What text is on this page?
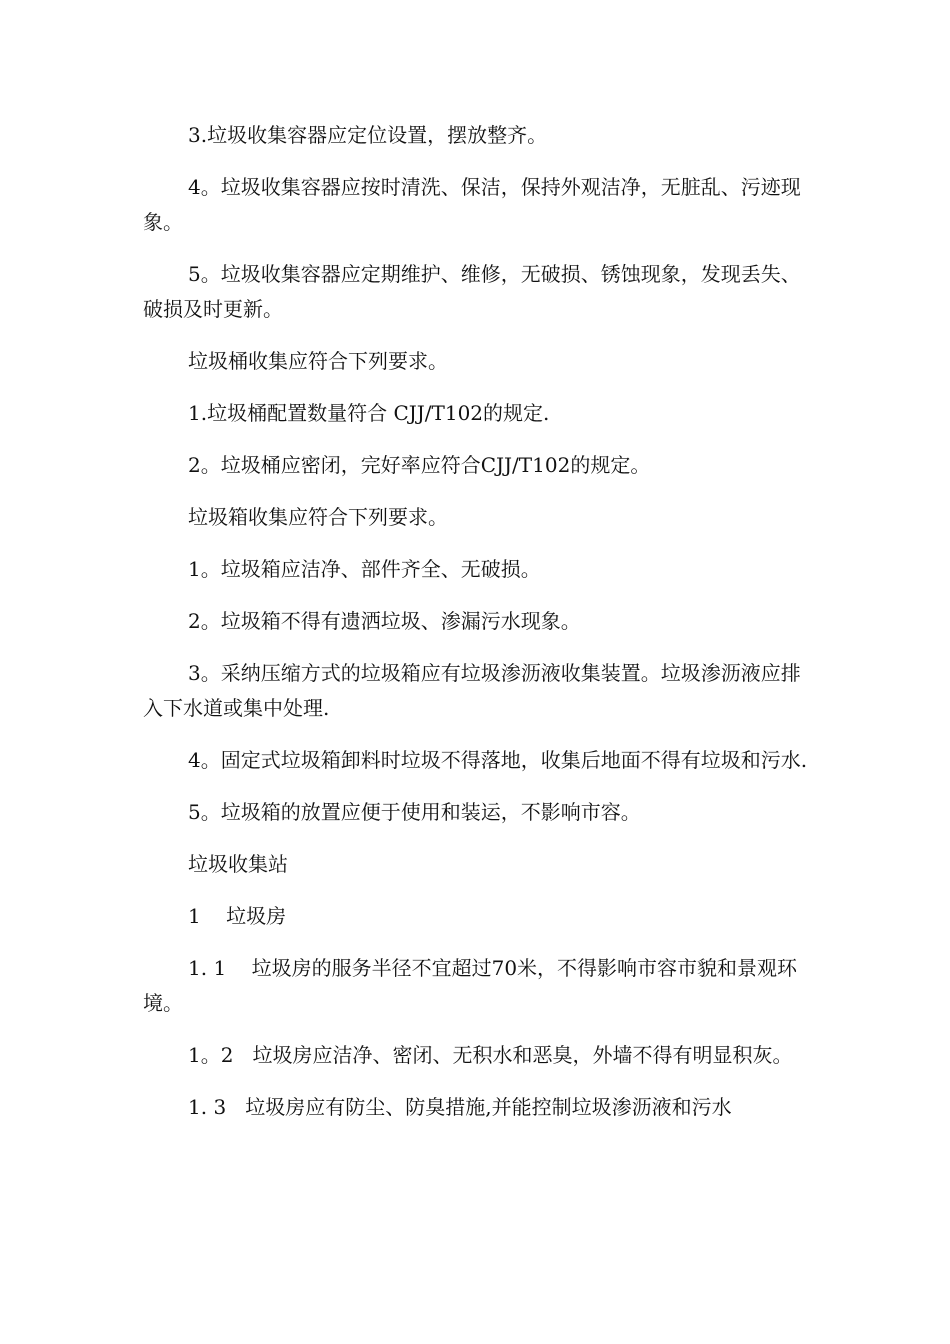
3.垃圾收集容器应定位设置，摆放整齐。

4。垃圾收集容器应按时清洗、保洁，保持外观洁净，无脏乱、污迹现象。

5。垃圾收集容器应定期维护、维修，无破损、锈蚀现象，发现丢失、破损及时更新。

垃圾桶收集应符合下列要求。

1.垃圾桶配置数量符合 CJJ/T102的规定.

2。垃圾桶应密闭，完好率应符合CJJ/T102的规定。

垃圾箱收集应符合下列要求。

1。垃圾箱应洁净、部件齐全、无破损。

2。垃圾箱不得有遗洒垃圾、渗漏污水现象。

3。采纳压缩方式的垃圾箱应有垃圾渗沥液收集装置。垃圾渗沥液应排入下水道或集中处理.

4。固定式垃圾箱卸料时垃圾不得落地，收集后地面不得有垃圾和污水.

5。垃圾箱的放置应便于使用和装运，不影响市容。

垃圾收集站

1    垃圾房

1. 1    垃圾房的服务半径不宜超过70米，不得影响市容市貌和景观环境。

1。2   垃圾房应洁净、密闭、无积水和恶臭，外墙不得有明显积灰。

1. 3   垃圾房应有防尘、防臭措施,并能控制垃圾渗沥液和污水
